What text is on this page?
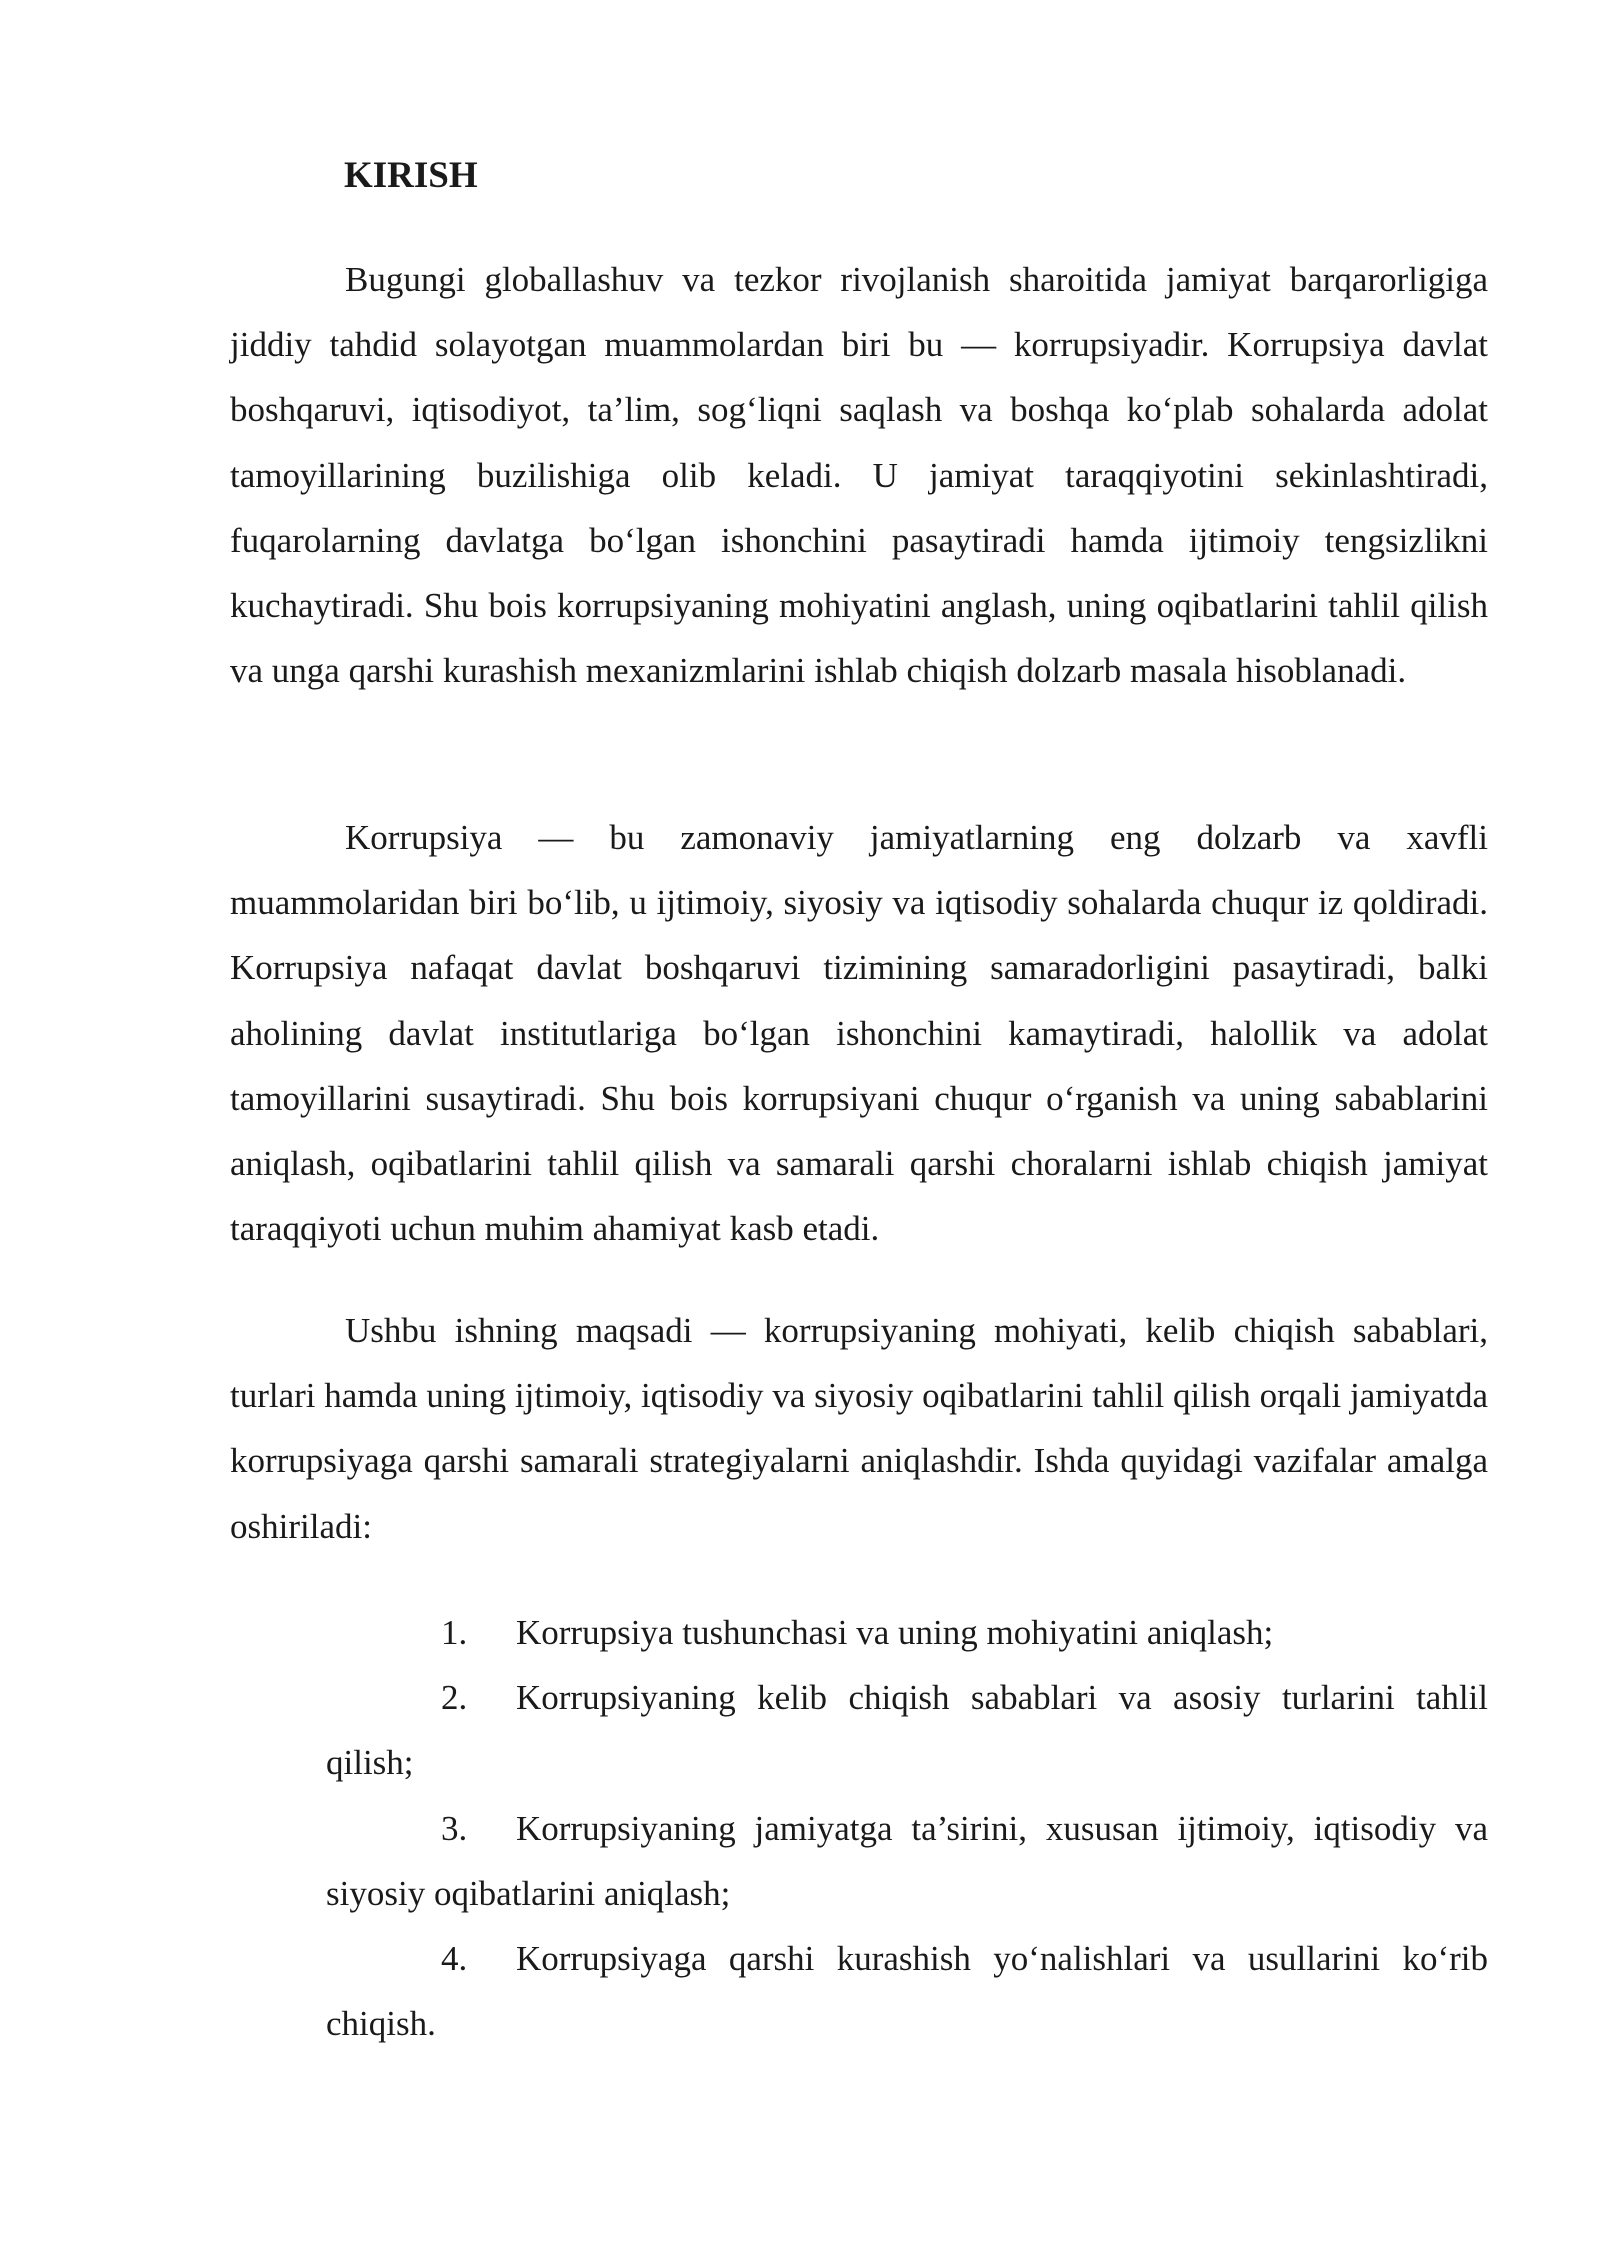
KIRISH

Bugungi globallashuv va tezkor rivojlanish sharoitida jamiyat barqarorligiga jiddiy tahdid solayotgan muammolardan biri bu — korrupsiyadir. Korrupsiya davlat boshqaruvi, iqtisodiyot, ta’lim, sog‘liqni saqlash va boshqa ko‘plab sohalarda adolat tamoyillarining buzilishiga olib keladi. U jamiyat taraqqiyotini sekinlashtiradi, fuqarolarning davlatga bo‘lgan ishonchini pasaytiradi hamda ijtimoiy tengsizlikni kuchaytiradi. Shu bois korrupsiyaning mohiyatini anglash, uning oqibatlarini tahlil qilish va unga qarshi kurashish mexanizmlarini ishlab chiqish dolzarb masala hisoblanadi.

Korrupsiya — bu zamonaviy jamiyatlarning eng dolzarb va xavfli muammolaridan biri bo‘lib, u ijtimoiy, siyosiy va iqtisodiy sohalarda chuqur iz qoldiradi. Korrupsiya nafaqat davlat boshqaruvi tizimining samaradorligini pasaytiradi, balki aholining davlat institutlariga bo‘lgan ishonchini kamaytiradi, halollik va adolat tamoyillarini susaytiradi. Shu bois korrupsiyani chuqur o‘rganish va uning sabablarini aniqlash, oqibatlarini tahlil qilish va samarali qarshi choralarni ishlab chiqish jamiyat taraqqiyoti uchun muhim ahamiyat kasb etadi.

Ushbu ishning maqsadi — korrupsiyaning mohiyati, kelib chiqish sabablari, turlari hamda uning ijtimoiy, iqtisodiy va siyosiy oqibatlarini tahlil qilish orqali jamiyatda korrupsiyaga qarshi samarali strategiyalarni aniqlashdir. Ishda quyidagi vazifalar amalga oshiriladi:

1. Korrupsiya tushunchasi va uning mohiyatini aniqlash;
2. Korrupsiyaning kelib chiqish sabablari va asosiy turlarini tahlil qilish;
3. Korrupsiyaning jamiyatga ta’sirini, xususan ijtimoiy, iqtisodiy va siyosiy oqibatlarini aniqlash;
4. Korrupsiyaga qarshi kurashish yo‘nalishlari va usullarini ko‘rib chiqish.
